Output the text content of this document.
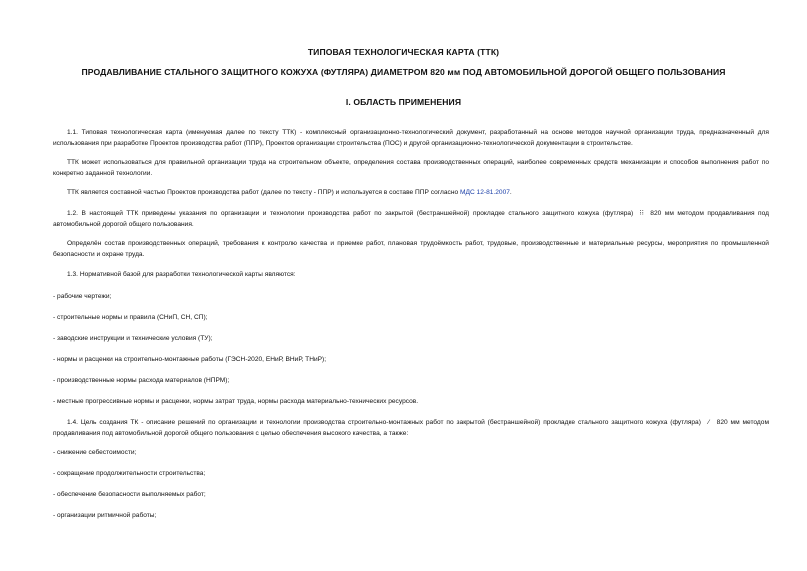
ТИПОВАЯ ТЕХНОЛОГИЧЕСКАЯ КАРТА (ТТК)
ПРОДАВЛИВАНИЕ СТАЛЬНОГО ЗАЩИТНОГО КОЖУХА (ФУТЛЯРА) ДИАМЕТРОМ 820 мм ПОД АВТОМОБИЛЬНОЙ ДОРОГОЙ ОБЩЕГО ПОЛЬЗОВАНИЯ
I. ОБЛАСТЬ ПРИМЕНЕНИЯ

1.1. Типовая технологическая карта (именуемая далее по тексту ТТК) - комплексный организационно-технологический документ, разработанный на основе методов научной организации труда, предназначенный для использования при разработке Проектов производства работ (ППР), Проектов организации строительства (ПОС) и другой организационно-технологической документации в строительстве.

ТТК может использоваться для правильной организации труда на строительном объекте, определения состава производственных операций, наиболее современных средств механизации и способов выполнения работ по конкретно заданной технологии.

ТТК является составной частью Проектов производства работ (далее по тексту - ППР) и используется в составе ППР согласно МДС 12-81.2007.

1.2. В настоящей ТТК приведены указания по организации и технологии производства работ по закрытой (бестраншейной) прокладке стального защитного кожуха (футляра) ⁝⁝ 820 мм методом продавливания под автомобильной дорогой общего пользования.

Определён состав производственных операций, требования к контролю качества и приемке работ, плановая трудоёмкость работ, трудовые, производственные и материальные ресурсы, мероприятия по промышленной безопасности и охране труда.

1.3. Нормативной базой для разработки технологической карты являются:

- рабочие чертежи;

- строительные нормы и правила (СНиП, СН, СП);

- заводские инструкции и технические условия (ТУ);

- нормы и расценки на строительно-монтажные работы (ГЭСН-2020, ЕНиР, ВНиР, ТНиР);

- производственные нормы расхода материалов (НПРМ);

- местные прогрессивные нормы и расценки, нормы затрат труда, нормы расхода материально-технических ресурсов.

1.4. Цель создания ТК - описание решений по организации и технологии производства строительно-монтажных работ по закрытой (бестраншейной) прокладке стального защитного кожуха (футляра) ⁄ 820 мм методом продавливания под автомобильной дорогой общего пользования с целью обеспечения высокого качества, а также:

- снижение себестоимости;

- сокращение продолжительности строительства;

- обеспечение безопасности выполняемых работ;

- организации ритмичной работы;
